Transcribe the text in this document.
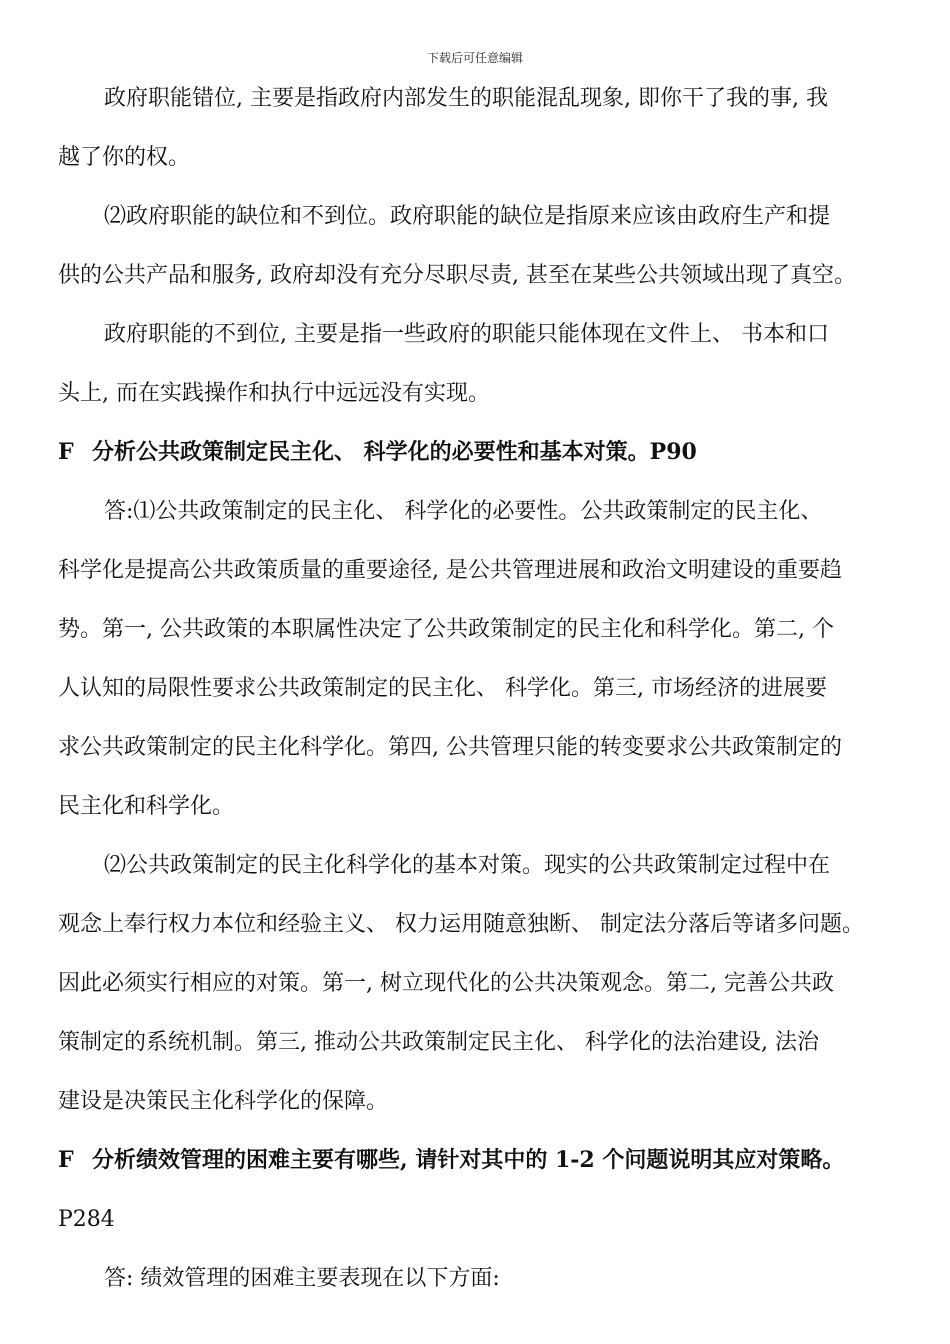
下载后可任意编辑
政府职能错位, 主要是指政府内部发生的职能混乱现象, 即你干了我的事, 我
越了你的权。
⑵政府职能的缺位和不到位。政府职能的缺位是指原来应该由政府生产和提
供的公共产品和服务, 政府却没有充分尽职尽责, 甚至在某些公共领域出现了真空。
政府职能的不到位, 主要是指一些政府的职能只能体现在文件上、 书本和口
头上, 而在实践操作和执行中远远没有实现。
F 分析公共政策制定民主化、 科学化的必要性和基本对策。P90
答:⑴公共政策制定的民主化、 科学化的必要性。公共政策制定的民主化、
科学化是提高公共政策质量的重要途径, 是公共管理进展和政治文明建设的重要趋
势。第一, 公共政策的本职属性决定了公共政策制定的民主化和科学化。第二, 个
人认知的局限性要求公共政策制定的民主化、 科学化。第三, 市场经济的进展要
求公共政策制定的民主化科学化。第四, 公共管理只能的转变要求公共政策制定的
民主化和科学化。
⑵公共政策制定的民主化科学化的基本对策。现实的公共政策制定过程中在
观念上奉行权力本位和经验主义、 权力运用随意独断、 制定法分落后等诸多问题。
因此必须实行相应的对策。第一, 树立现代化的公共决策观念。第二, 完善公共政
策制定的系统机制。第三, 推动公共政策制定民主化、 科学化的法治建设, 法治
建设是决策民主化科学化的保障。
F 分析绩效管理的困难主要有哪些, 请针对其中的 1-2 个问题说明其应对策略。
P284
答: 绩效管理的困难主要表现在以下方面:
